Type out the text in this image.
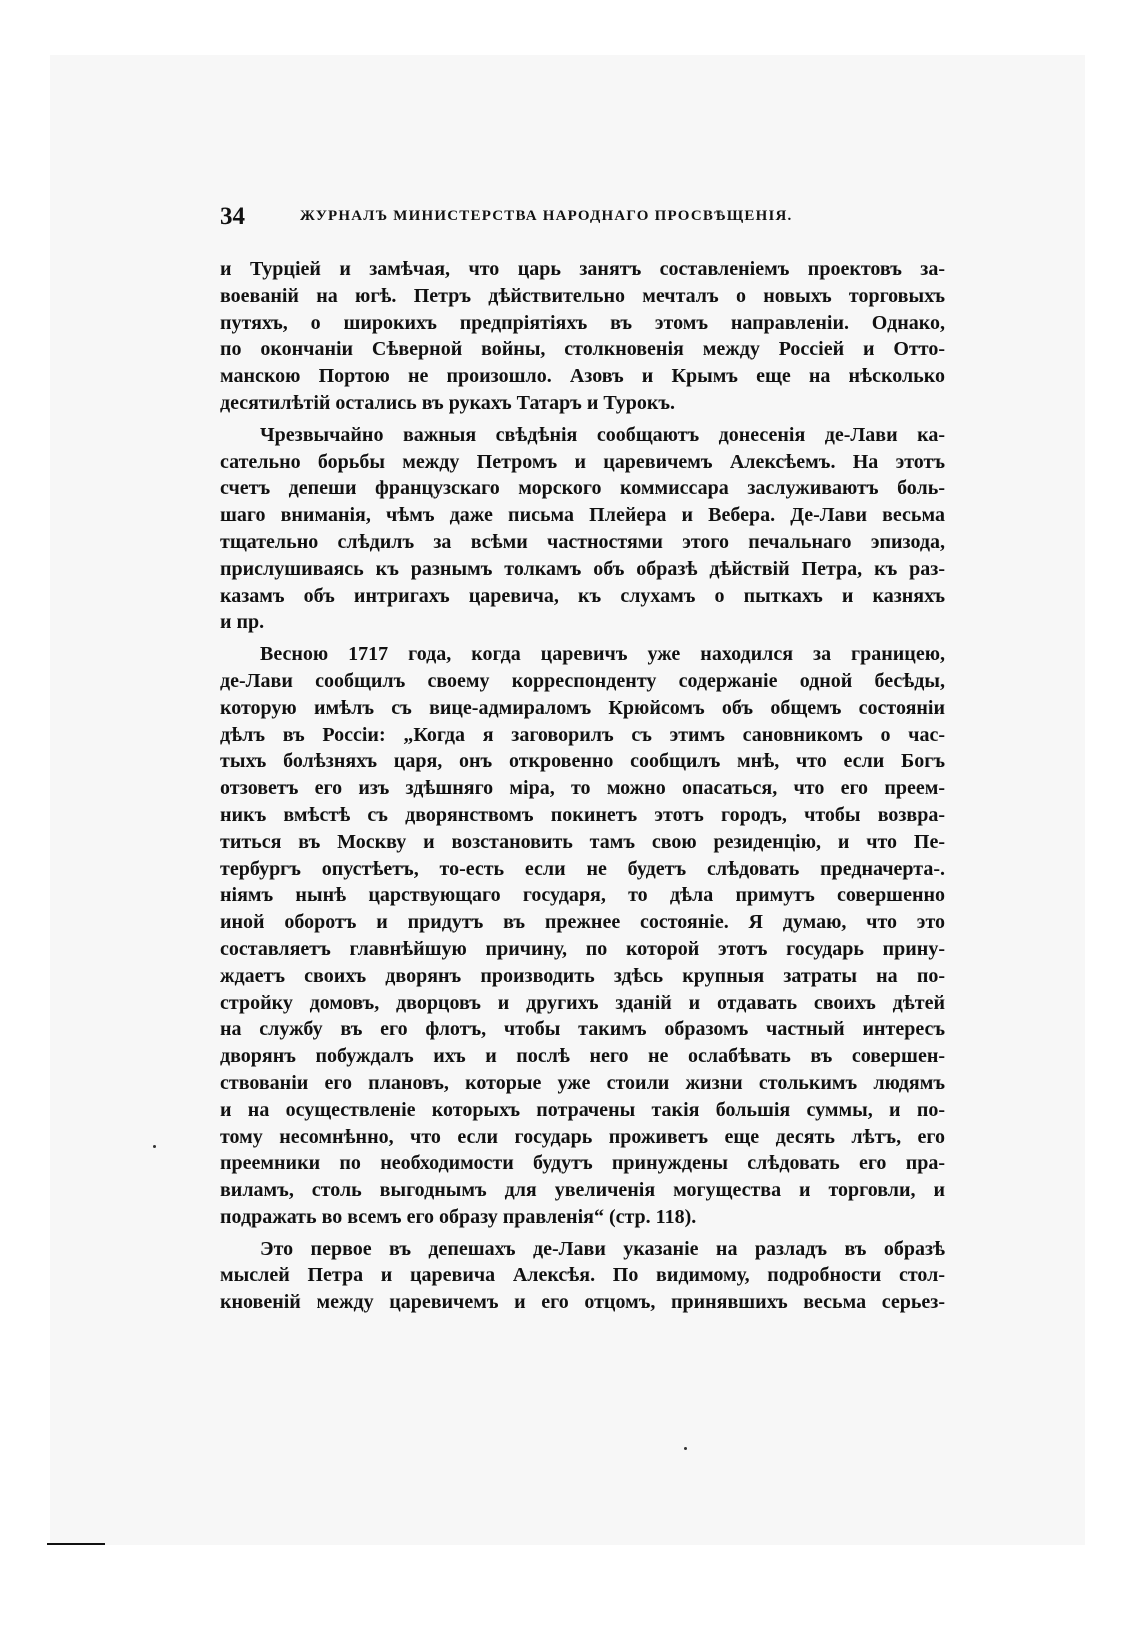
34	ЖУРНАЛЪ МИНИСТЕРСТВА НАРОДНАГО ПРОСВѢЩЕНІЯ.
и Турціей и замѣчая, что царь занятъ составленіемъ проектовъ за-
воеваній на югѣ. Петръ дѣйствительно мечталъ о новыхъ торговыхъ
путяхъ, о широкихъ предпріятіяхъ въ этомъ направленіи. Однако,
по окончаніи Сѣверной войны, столкновенія между Россіей и Отто-
манскою Портою не произошло. Азовъ и Крымъ еще на нѣсколько
десятилѣтій остались въ рукахъ Татаръ и Турокъ.
Чрезвычайно важныя свѣдѣнія сообщаютъ донесенія де-Лави ка-
сательно борьбы между Петромъ и царевичемъ Алексѣемъ. На этотъ
счетъ депеши французскаго морского коммиссара заслуживаютъ боль-
шаго вниманія, чѣмъ даже письма Плейера и Вебера. Де-Лави весьма
тщательно слѣдилъ за всѣми частностями этого печальнаго эпизода,
прислушиваясь къ разнымъ толкамъ объ образѣ дѣйствій Петра, къ раз-
казамъ объ интригахъ царевича, къ слухамъ о пыткахъ и казняхъ
и пр.
Весною 1717 года, когда царевичъ уже находился за границею,
де-Лави сообщилъ своему корреспонденту содержаніе одной бесѣды,
которую имѣлъ съ вице-адмираломъ Крюйсомъ объ общемъ состояніи
дѣлъ въ Россіи: „Когда я заговорилъ съ этимъ сановникомъ о час-
тыхъ болѣзняхъ царя, онъ откровенно сообщилъ мнѣ, что если Богъ
отзоветъ его изъ здѣшняго міра, то можно опасаться, что его преем-
никъ вмѣстѣ съ дворянствомъ покинетъ этотъ городъ, чтобы возвра-
титься въ Москву и возстановить тамъ свою резиденцію, и что Пе-
тербургъ опустѣетъ, то-есть если не будетъ слѣдовать предначерта-.
ніямъ нынѣ царствующаго государя, то дѣла примутъ совершенно
иной оборотъ и придутъ въ прежнее состояніе. Я думаю, что это
составляетъ главнѣйшую причину, по которой этотъ государь прину-
ждаетъ своихъ дворянъ производить здѣсь крупныя затраты на по-
стройку домовъ, дворцовъ и другихъ зданій и отдавать своихъ дѣтей
на службу въ его флотъ, чтобы такимъ образомъ частный интересъ
дворянъ побуждалъ ихъ и послѣ него не ослабѣвать въ совершен-
ствованіи его плановъ, которые уже стоили жизни столькимъ людямъ
и на осуществленіе которыхъ потрачены такія большія суммы, и по-
тому несомнѣнно, что если государь проживетъ еще десять лѣтъ, его
преемники по необходимости будутъ принуждены слѣдовать его пра-
виламъ, столь выгоднымъ для увеличенія могущества и торговли, и
подражать во всемъ его образу правленія“ (стр. 118).
Это первое въ депешахъ де-Лави указаніе на разладъ въ образѣ
мыслей Петра и царевича Алексѣя. По видимому, подробности стол-
кновеній между царевичемъ и его отцомъ, принявшихъ весьма серьез-
